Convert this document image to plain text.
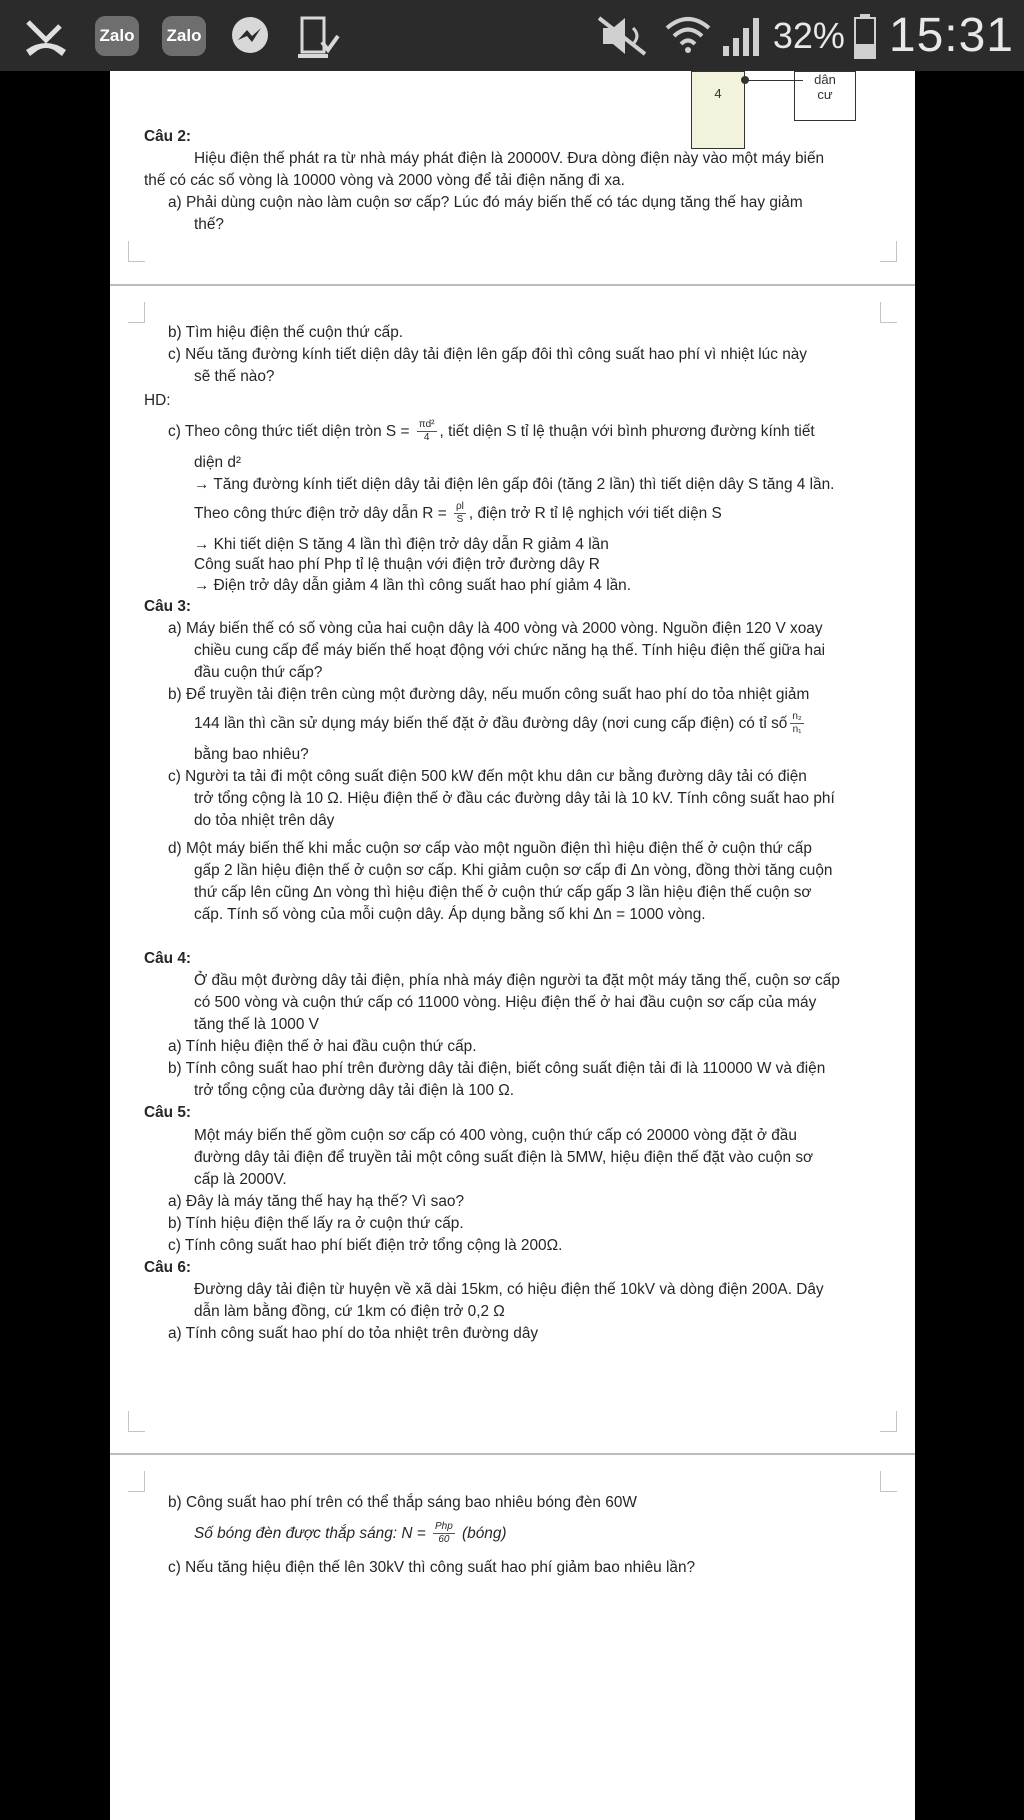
Zalo Zalo	32% 15:31
4
dân
cư
Câu 2:
Hiệu điện thế phát ra từ nhà máy phát điện là 20000V. Đưa dòng điện này vào một máy biến
thế có các số vòng là 10000 vòng và 2000 vòng để tải điện năng đi xa.
a) Phải dùng cuộn nào làm cuộn sơ cấp? Lúc đó máy biến thế có tác dụng tăng thế hay giảm
thế?
b) Tìm hiệu điện thế cuộn thứ cấp.
c) Nếu tăng đường kính tiết diện dây tải điện lên gấp đôi thì công suất hao phí vì nhiệt lúc này
sẽ thế nào?
HD:
c) Theo công thức tiết diện tròn $S = \frac{\text{πd²}}{4}$ , tiết diện S tỉ lệ thuận với bình phương đường kính tiết
diện d²
→ Tăng đường kính tiết diện dây tải điện lên gấp đôi (tăng 2 lần) thì tiết diện dây S tăng 4 lần.
Theo công thức điện trở dây dẫn $R = \frac{\rho l}{S}$ , điện trở R tỉ lệ nghịch với tiết diện S
→ Khi tiết diện S tăng 4 lần thì điện trở dây dẫn R giảm 4 lần
Công suất hao phí Php tỉ lệ thuận với điện trở đường dây R
→ Điện trở dây dẫn giảm 4 lần thì công suất hao phí giảm 4 lần.
Câu 3:
a) Máy biến thế có số vòng của hai cuộn dây là 400 vòng và 2000 vòng. Nguồn điện 120 V xoay
chiều cung cấp để máy biến thế hoạt động với chức năng hạ thế. Tính hiệu điện thế giữa hai
đầu cuộn thứ cấp?
b) Để truyền tải điện trên cùng một đường dây, nếu muốn công suất hao phí do tỏa nhiệt giảm
144 lần thì cần sử dụng máy biến thế đặt ở đầu đường dây (nơi cung cấp điện) có tỉ số $\frac{\text{n₂}}{\text{n₁}}$
bằng bao nhiêu?
c) Người ta tải đi một công suất điện 500 kW đến một khu dân cư bằng đường dây tải có điện
trở tổng cộng là 10 Ω. Hiệu điện thế ở đầu các đường dây tải là 10 kV. Tính công suất hao phí
do tỏa nhiệt trên dây
d) Một máy biến thế khi mắc cuộn sơ cấp vào một nguồn điện thì hiệu điện thế ở cuộn thứ cấp
gấp 2 lần hiệu điện thế ở cuộn sơ cấp. Khi giảm cuộn sơ cấp đi Δn vòng, đồng thời tăng cuộn
thứ cấp lên cũng Δn vòng thì hiệu điện thế ở cuộn thứ cấp gấp 3 lần hiệu điện thế cuộn sơ
cấp. Tính số vòng của mỗi cuộn dây. Áp dụng bằng số khi Δn = 1000 vòng.
Câu 4:
Ở đầu một đường dây tải điện, phía nhà máy điện người ta đặt một máy tăng thế, cuộn sơ cấp
có 500 vòng và cuộn thứ cấp có 11000 vòng. Hiệu điện thế ở hai đầu cuộn sơ cấp của máy
tăng thế là 1000 V
a) Tính hiệu điện thế ở hai đầu cuộn thứ cấp.
b) Tính công suất hao phí trên đường dây tải điện, biết công suất điện tải đi là 110000 W và điện
trở tổng cộng của đường dây tải điện là 100 Ω.
Câu 5:
Một máy biến thế gồm cuộn sơ cấp có 400 vòng, cuộn thứ cấp có 20000 vòng đặt ở đầu
đường dây tải điện để truyền tải một công suất điện là 5MW, hiệu điện thế đặt vào cuộn sơ
cấp là 2000V.
a) Đây là máy tăng thế hay hạ thế? Vì sao?
b) Tính hiệu điện thế lấy ra ở cuộn thứ cấp.
c) Tính công suất hao phí biết điện trở tổng cộng là 200Ω.
Câu 6:
Đường dây tải điện từ huyện về xã dài 15km, có hiệu điện thế 10kV và dòng điện 200A. Dây
dẫn làm bằng đồng, cứ 1km có điện trở 0,2 Ω
a) Tính công suất hao phí do tỏa nhiệt trên đường dây
b) Công suất hao phí trên có thể thắp sáng bao nhiêu bóng đèn 60W
Số bóng đèn được thắp sáng: $N = \frac{\text{Php}}{60}$ (bóng)
c) Nếu tăng hiệu điện thế lên 30kV thì công suất hao phí giảm bao nhiêu lần?
